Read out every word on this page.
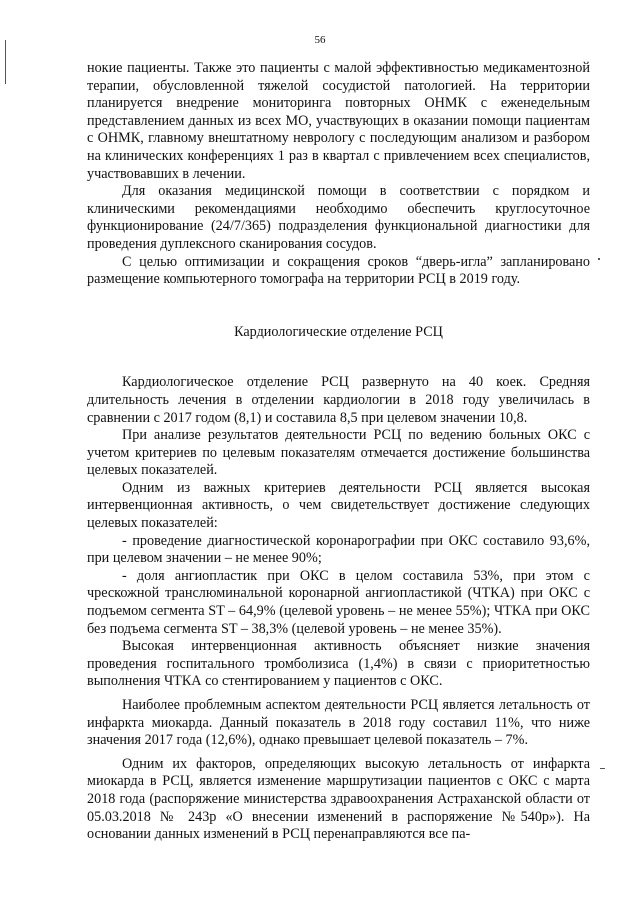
56

нокие пациенты. Также это пациенты с малой эффективностью медикаментозной терапии, обусловленной тяжелой сосудистой патологией. На территории планируется внедрение мониторинга повторных ОНМК с еженедельным представлением данных из всех МО, участвующих в оказании помощи пациентам с ОНМК, главному внештатному неврологу с последующим анализом и разбором на клинических конференциях 1 раз в квартал с привлечением всех специалистов, участвовавших в лечении.

Для оказания медицинской помощи в соответствии с порядком и клиническими рекомендациями необходимо обеспечить круглосуточное функционирование (24/7/365) подразделения функциональной диагностики для проведения дуплексного сканирования сосудов.

С целью оптимизации и сокращения сроков “дверь-игла” запланировано размещение компьютерного томографа на территории РСЦ в 2019 году.

Кардиологические отделение РСЦ

Кардиологическое отделение РСЦ развернуто на 40 коек. Средняя длительность лечения в отделении кардиологии в 2018 году увеличилась в сравнении с 2017 годом (8,1) и составила 8,5 при целевом значении 10,8.

При анализе результатов деятельности РСЦ по ведению больных ОКС с учетом критериев по целевым показателям отмечается достижение большинства целевых показателей.

Одним из важных критериев деятельности РСЦ является высокая интервенционная активность, о чем свидетельствует достижение следующих целевых показателей:

- проведение диагностической коронарографии при ОКС составило 93,6%, при целевом значении – не менее 90%;

- доля ангиопластик при ОКС в целом составила 53%, при этом с чрескожной транслюминальной коронарной ангиопластикой (ЧТКА) при ОКС с подъемом сегмента ST – 64,9% (целевой уровень – не менее 55%); ЧТКА при ОКС без подъема сегмента ST – 38,3% (целевой уровень – не менее 35%).

Высокая интервенционная активность объясняет низкие значения проведения госпитального тромболизиса (1,4%) в связи с приоритетностью выполнения ЧТКА со стентированием у пациентов с ОКС.

Наиболее проблемным аспектом деятельности РСЦ является летальность от инфаркта миокарда. Данный показатель в 2018 году составил 11%, что ниже значения 2017 года (12,6%), однако превышает целевой показатель – 7%.

Одним их факторов, определяющих высокую летальность от инфаркта миокарда в РСЦ, является изменение маршрутизации пациентов с ОКС с марта 2018 года (распоряжение министерства здравоохранения Астраханской области от 05.03.2018 № 243р «О внесении изменений в распоряжение №540р»). На основании данных изменений в РСЦ перенаправляются все па-
